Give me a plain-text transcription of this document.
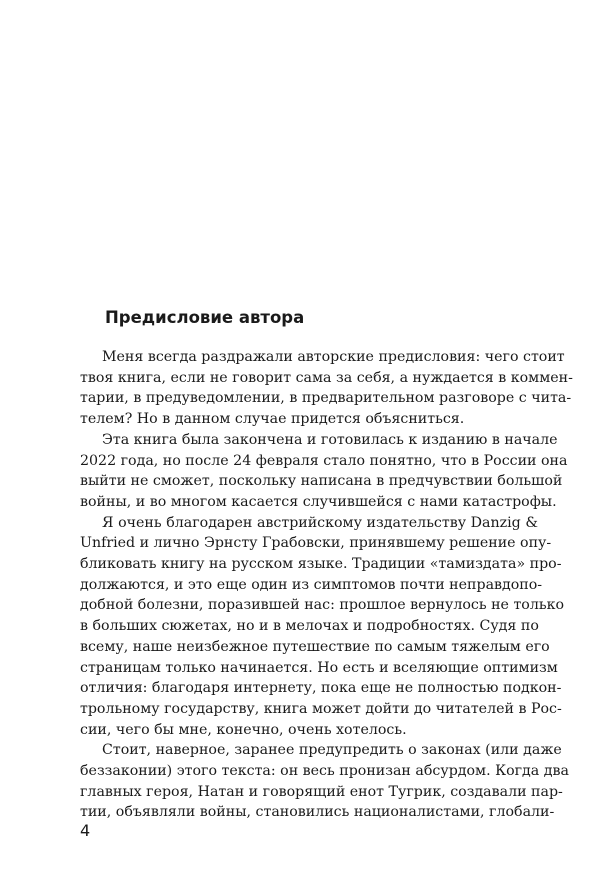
Предисловие автора
Меня всегда раздражали авторские предисловия: чего стоит
твоя книга, если не говорит сама за себя, а нуждается в коммен-
тарии, в предуведомлении, в предварительном разговоре с чита-
телем? Но в данном случае придется объясниться.
Эта книга была закончена и готовилась к изданию в начале
2022 года, но после 24 февраля стало понятно, что в России она
выйти не сможет, поскольку написана в предчувствии большой
войны, и во многом касается случившейся с нами катастрофы.
Я очень благодарен австрийскому издательству Danzig &
Unfried и лично Эрнсту Грабовски, принявшему решение опу-
бликовать книгу на русском языке. Традиции «тамиздата» про-
должаются, и это еще один из симптомов почти неправдопо-
добной болезни, поразившей нас: прошлое вернулось не только
в больших сюжетах, но и в мелочах и подробностях. Судя по
всему, наше неизбежное путешествие по самым тяжелым его
страницам только начинается. Но есть и вселяющие оптимизм
отличия: благодаря интернету, пока еще не полностью подкон-
трольному государству, книга может дойти до читателей в Рос-
сии, чего бы мне, конечно, очень хотелось.
Стоит, наверное, заранее предупредить о законах (или даже
беззаконии) этого текста: он весь пронизан абсурдом. Когда два
главных героя, Натан и говорящий енот Тугрик, создавали пар-
тии, объявляли войны, становились националистами, глобали-
4
